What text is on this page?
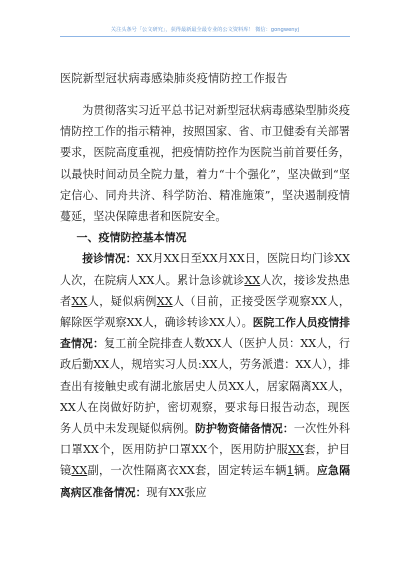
关注头条号「公文研究」，获得最新最全最专业的公文资料库！ 微信：gongwenyj
医院新型冠状病毒感染肺炎疫情防控工作报告

为贯彻落实习近平总书记对新型冠状病毒感染型肺炎疫情防控工作的指示精神，按照国家、省、市卫健委有关部署要求，医院高度重视，把疫情防控作为医院当前首要任务，以最快时间动员全院力量，着力“十个强化”，坚决做到“坚定信心、同舟共济、科学防治、精准施策”，坚决遏制疫情蔓延，坚决保障患者和医院安全。

一、疫情防控基本情况

接诊情况：XX月XX日至XX月XX日，医院日均门诊XX人次，在院病人XX人。累计急诊就诊XX人次，接诊发热患者XX人，疑似病例XX人（目前，正接受医学观察XX人，解除医学观察XX人，确诊转诊XX人）。医院工作人员疫情排查情况：复工前全院排查人数XX人（医护人员：XX人，行政后勤XX人，规培实习人员:XX人，劳务派遣：XX人），排查出有接触史或有湖北旅居史人员XX人，居家隔离XX人，XX人在岗做好防护，密切观察，要求每日报告动态，现医务人员中未发现疑似病例。防护物资储备情况：一次性外科口罩XX个，医用防护口罩XX个，医用防护服XX套，护目镜XX副，一次性隔离衣XX套，固定转运车辆1辆。应急隔离病区准备情况：现有XX张应
